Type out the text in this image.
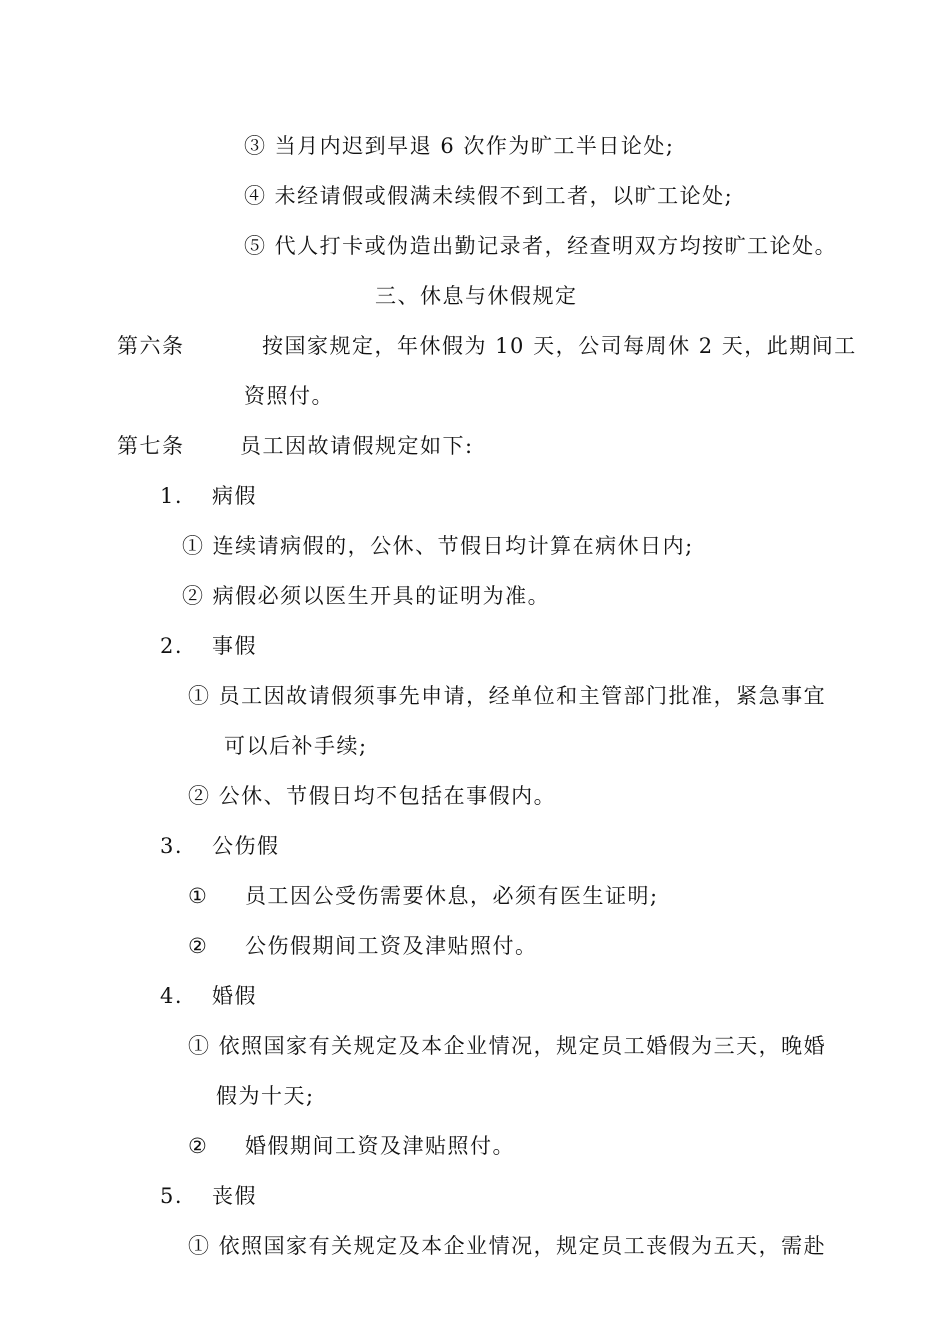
③ 当月内迟到早退 6 次作为旷工半日论处;
④ 未经请假或假满未续假不到工者，以旷工论处;
⑤ 代人打卡或伪造出勤记录者，经查明双方均按旷工论处。
三、休息与休假规定
第六条	按国家规定，年休假为 10 天，公司每周休 2 天，此期间工
资照付。
第七条	员工因故请假规定如下:
1. 病假
① 连续请病假的，公休、节假日均计算在病休日内;
② 病假必须以医生开具的证明为准。
2. 事假
① 员工因故请假须事先申请，经单位和主管部门批准，紧急事宜
可以后补手续;
② 公休、节假日均不包括在事假内。
3. 公伤假
① 员工因公受伤需要休息，必须有医生证明;
② 公伤假期间工资及津贴照付。
4. 婚假
① 依照国家有关规定及本企业情况，规定员工婚假为三天，晚婚
假为十天;
② 婚假期间工资及津贴照付。
5. 丧假
① 依照国家有关规定及本企业情况，规定员工丧假为五天，需赴
